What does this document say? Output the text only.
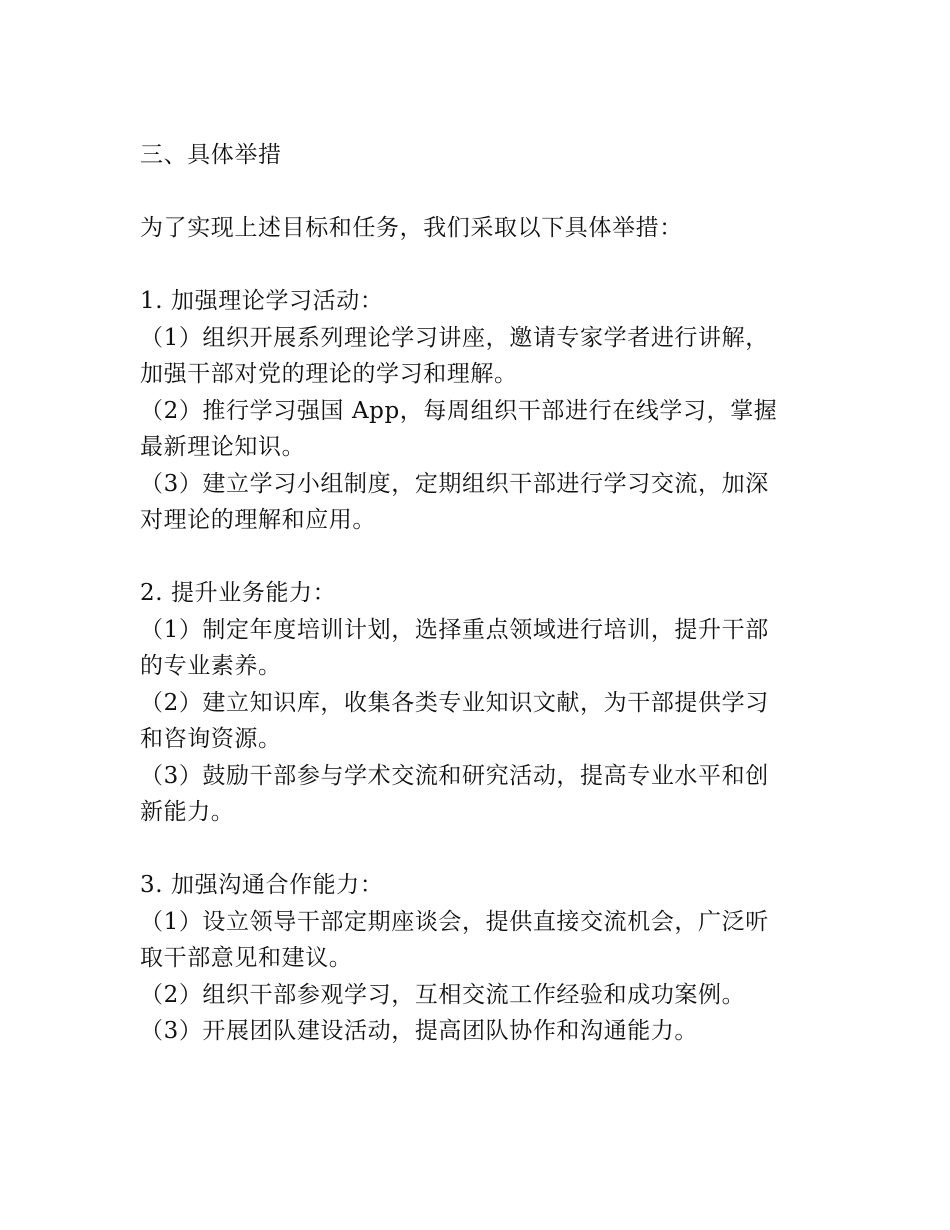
三、具体举措
为了实现上述目标和任务，我们采取以下具体举措：
1. 加强理论学习活动：
（1）组织开展系列理论学习讲座，邀请专家学者进行讲解，
加强干部对党的理论的学习和理解。
（2）推行学习强国 App，每周组织干部进行在线学习，掌握
最新理论知识。
（3）建立学习小组制度，定期组织干部进行学习交流，加深
对理论的理解和应用。
2. 提升业务能力：
（1）制定年度培训计划，选择重点领域进行培训，提升干部
的专业素养。
（2）建立知识库，收集各类专业知识文献，为干部提供学习
和咨询资源。
（3）鼓励干部参与学术交流和研究活动，提高专业水平和创
新能力。
3. 加强沟通合作能力：
（1）设立领导干部定期座谈会，提供直接交流机会，广泛听
取干部意见和建议。
（2）组织干部参观学习，互相交流工作经验和成功案例。
（3）开展团队建设活动，提高团队协作和沟通能力。
